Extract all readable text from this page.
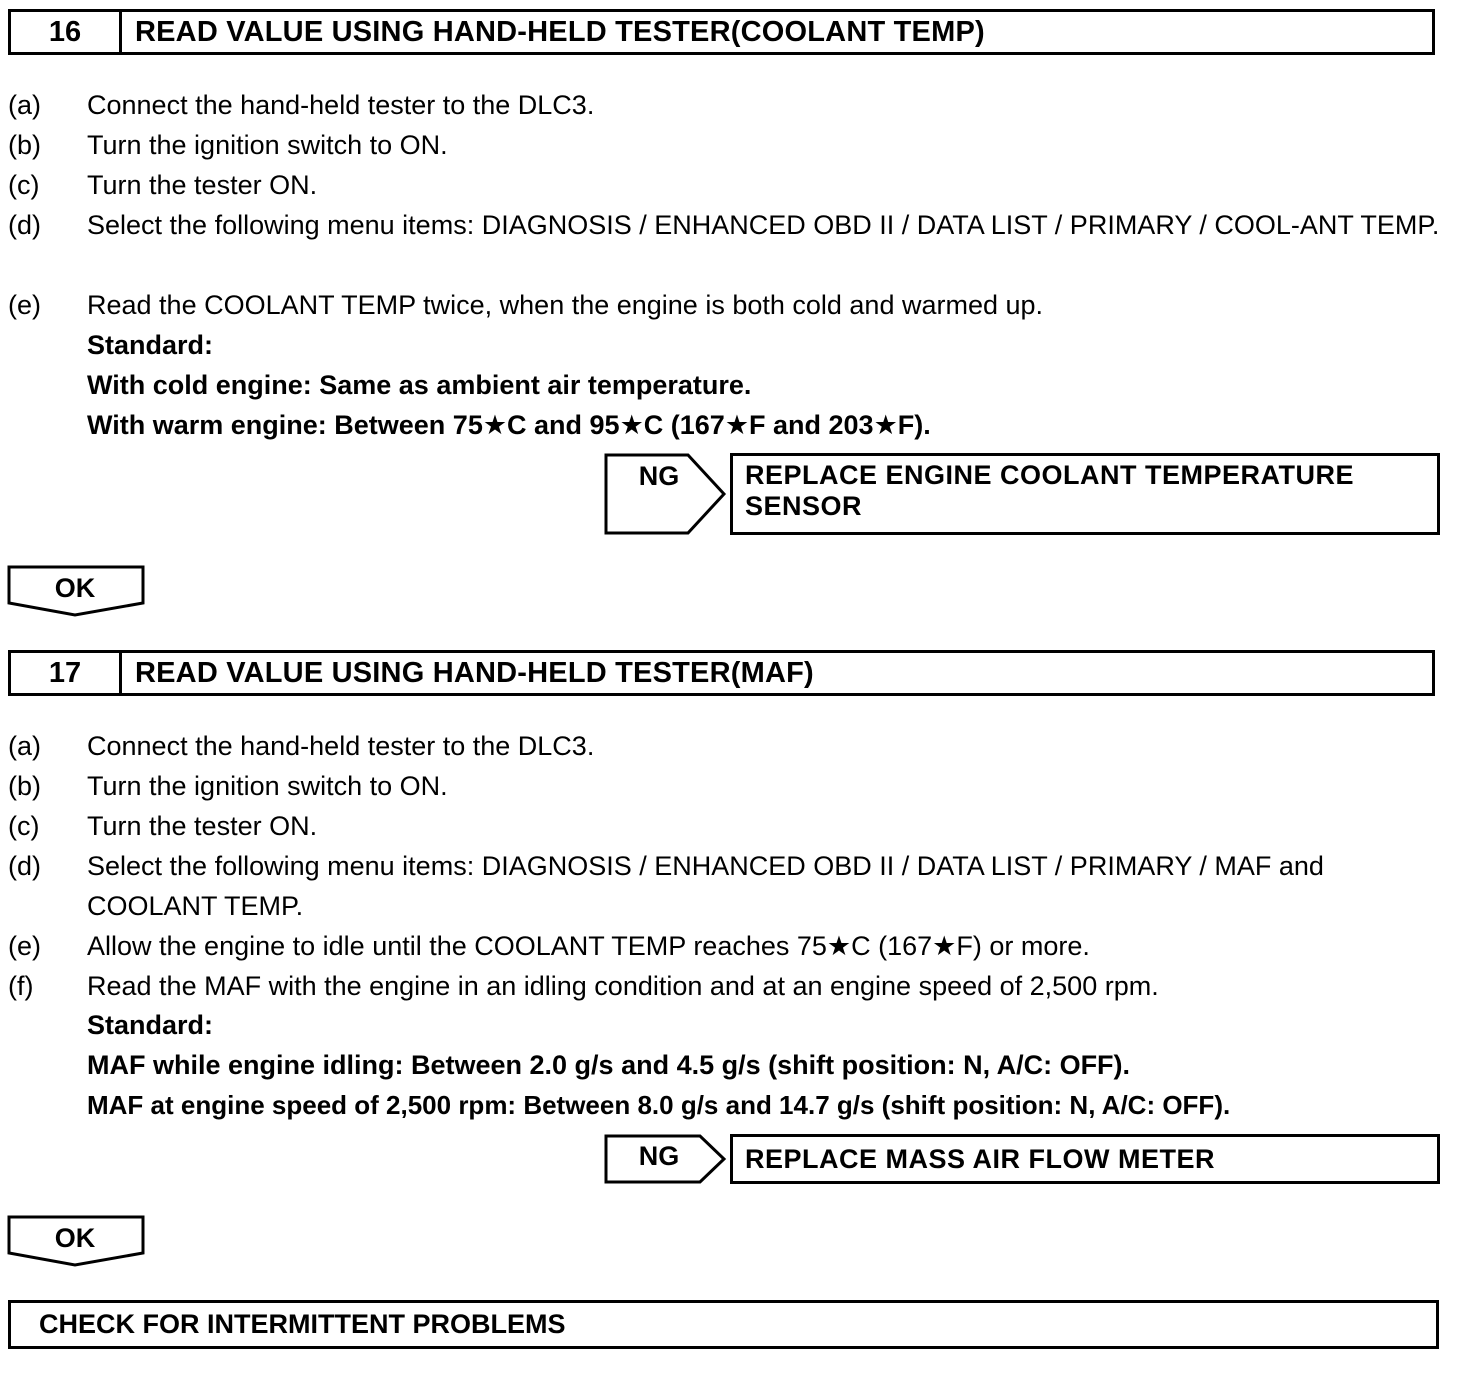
16	READ VALUE USING HAND-HELD TESTER(COOLANT TEMP)
(a)	Connect the hand-held tester to the DLC3.
(b)	Turn the ignition switch to ON.
(c)	Turn the tester ON.
(d)	Select the following menu items: DIAGNOSIS / ENHANCED OBD II / DATA LIST / PRIMARY / COOL-ANT TEMP.
(e)	Read the COOLANT TEMP twice, when the engine is both cold and warmed up.
Standard:
With cold engine: Same as ambient air temperature.
With warm engine: Between 75★C and 95★C (167★F and 203★F).
NG	REPLACE ENGINE COOLANT TEMPERATURE SENSOR
OK
17	READ VALUE USING HAND-HELD TESTER(MAF)
(a)	Connect the hand-held tester to the DLC3.
(b)	Turn the ignition switch to ON.
(c)	Turn the tester ON.
(d)	Select the following menu items: DIAGNOSIS / ENHANCED OBD II / DATA LIST / PRIMARY / MAF and COOLANT TEMP.
(e)	Allow the engine to idle until the COOLANT TEMP reaches 75★C (167★F) or more.
(f)	Read the MAF with the engine in an idling condition and at an engine speed of 2,500 rpm.
Standard:
MAF while engine idling: Between 2.0 g/s and 4.5 g/s (shift position: N, A/C: OFF).
MAF at engine speed of 2,500 rpm: Between 8.0 g/s and 14.7 g/s (shift position: N, A/C: OFF).
NG	REPLACE MASS AIR FLOW METER
OK
CHECK FOR INTERMITTENT PROBLEMS
